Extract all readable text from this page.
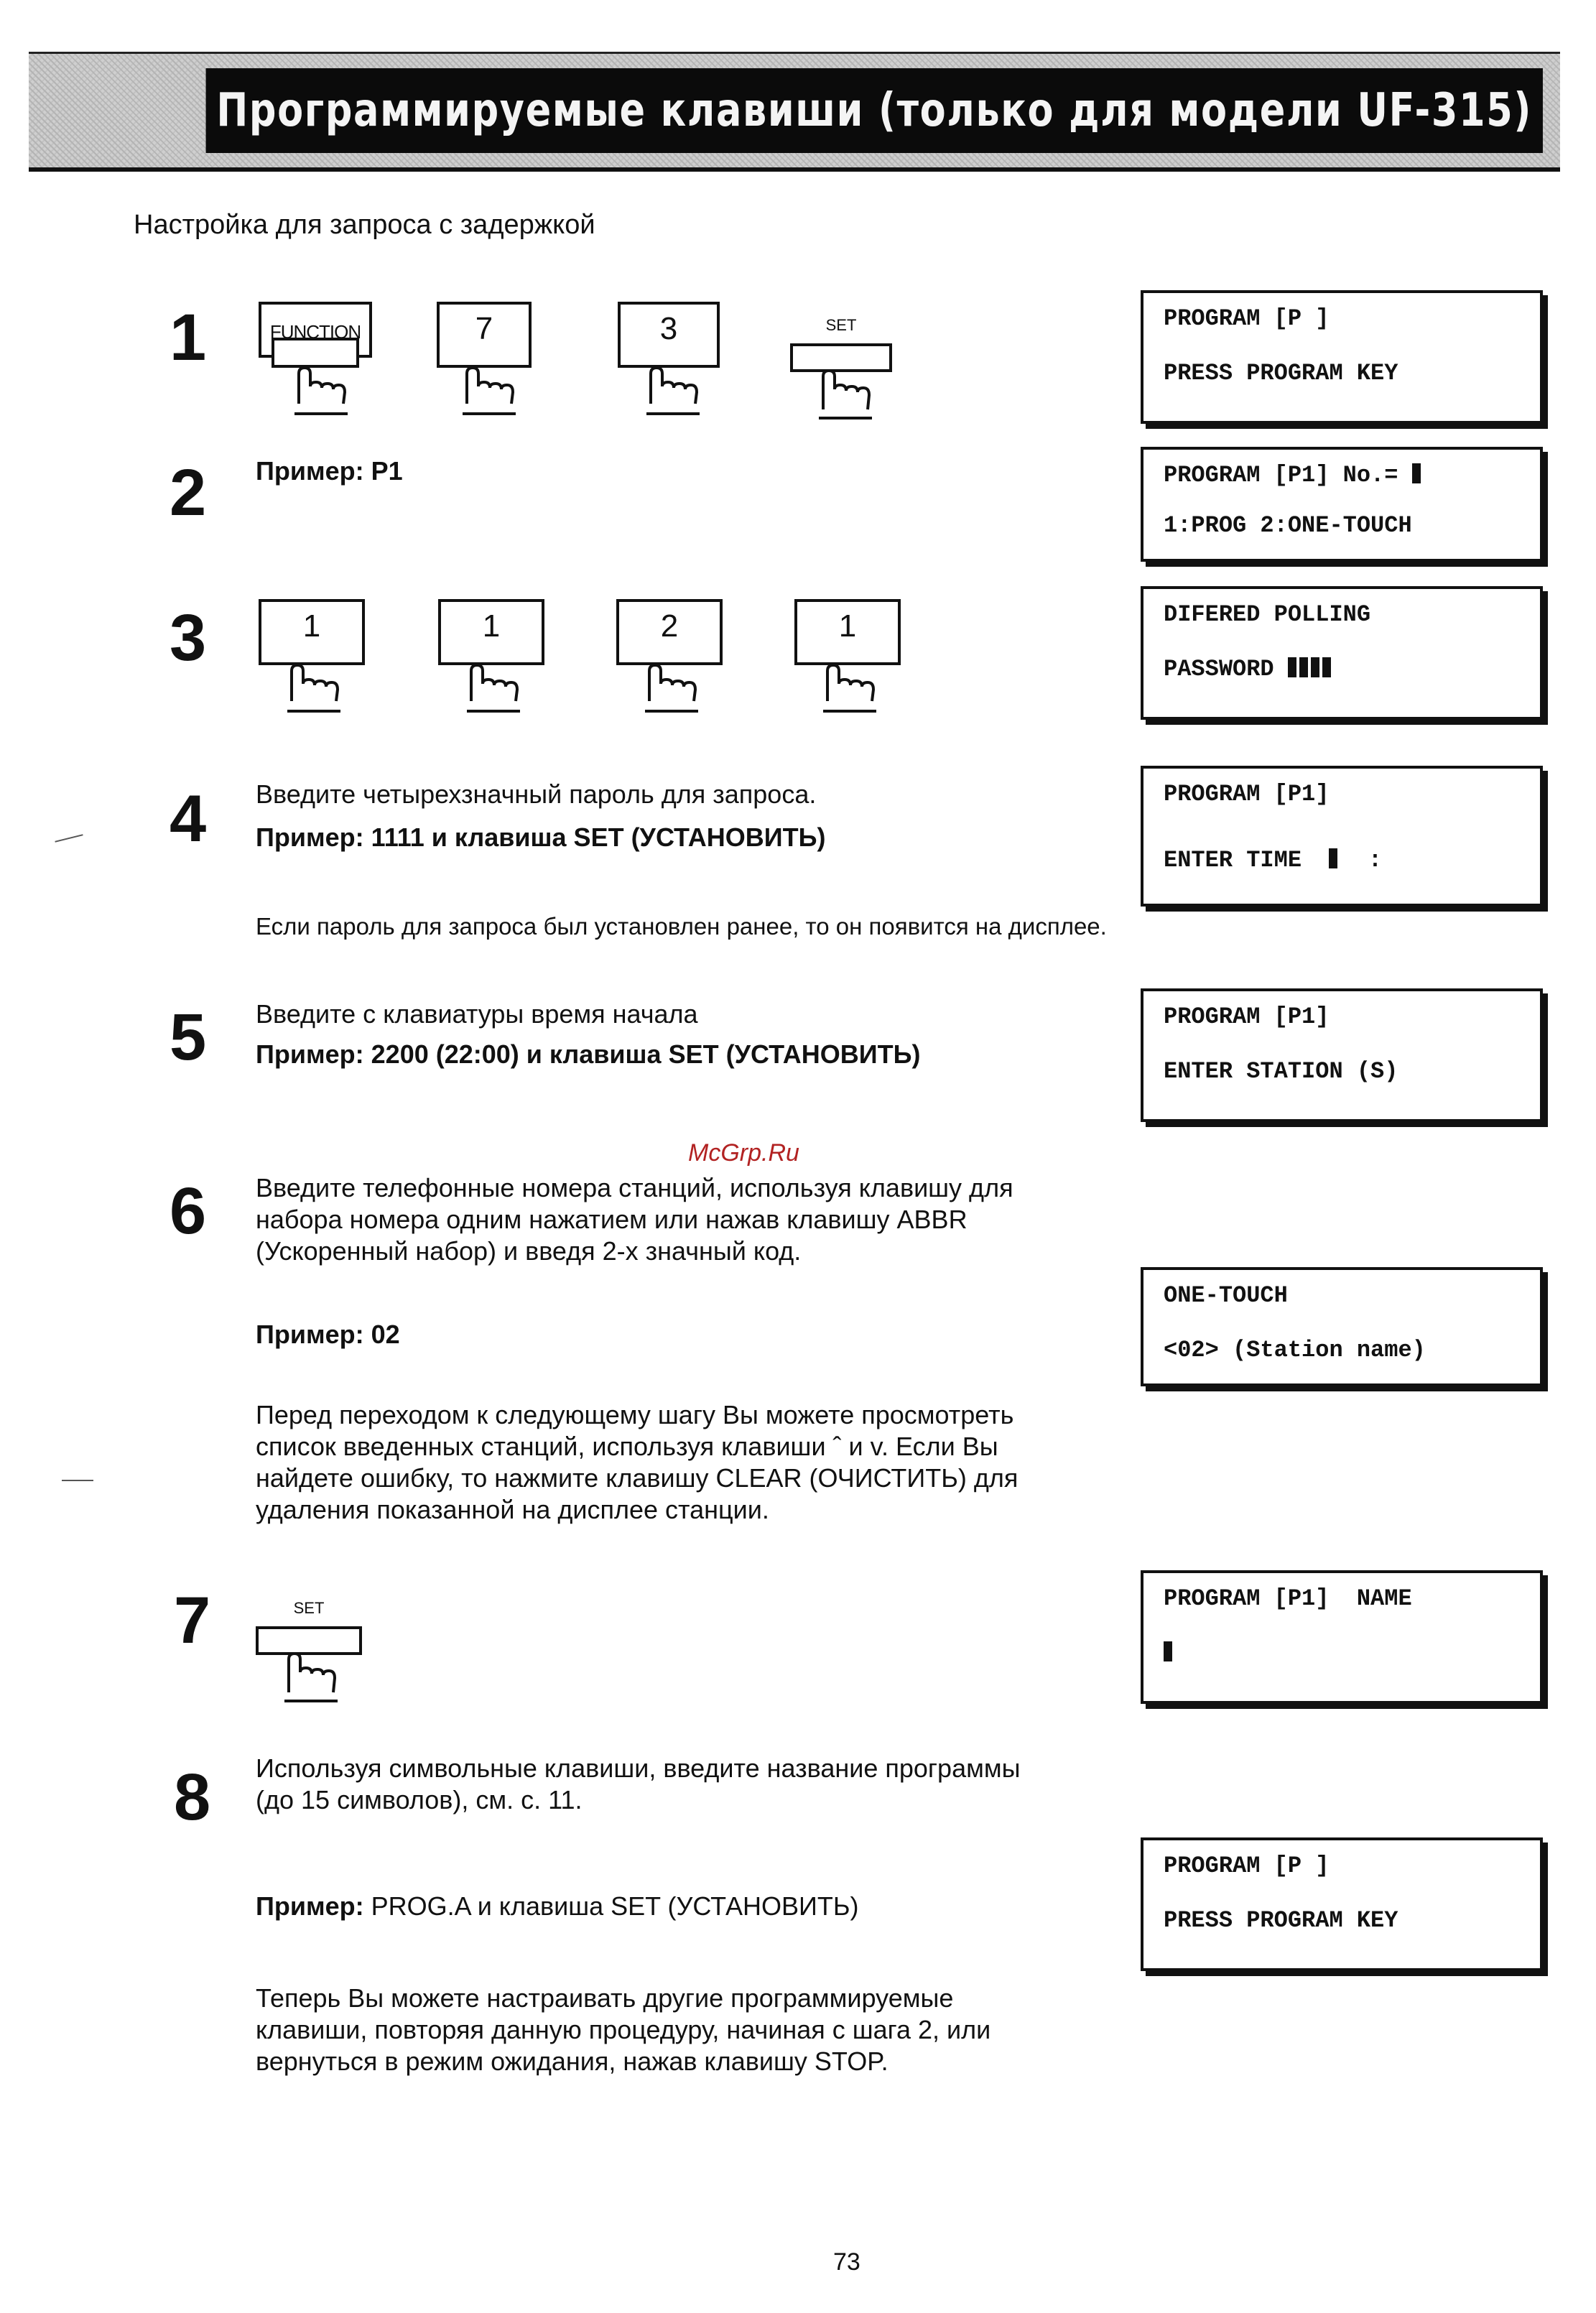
Программируемые клавиши (только для модели UF-315)
Настройка для запроса с задержкой
1	FUNCTION	7	3	SET	PROGRAM [P ]
PRESS PROGRAM KEY
2 Пример: P1	PROGRAM [P1] No.=
1:PROG 2:ONE-TOUCH
3	1	1	2	1	DIFERED POLLING
PASSWORD
4 Введите четырехзначный пароль для запроса.
Пример: 1111 и клавиша SET (УСТАНОВИТЬ)
Если пароль для запроса был установлен ранее, то он появится на дисплее.
PROGRAM [P1]
ENTER TIME	:
5 Введите с клавиатуры время начала
Пример: 2200 (22:00) и клавиша SET (УСТАНОВИТЬ)
PROGRAM [P1]
ENTER STATION (S)
McGrp.Ru
6 Введите телефонные номера станций, используя клавишу для
набора номера одним нажатием или нажав клавишу ABBR
(Ускоренный набор) и введя 2-х значный код.
Пример: 02
ONE-TOUCH
<02> (Station name)
Перед переходом к следующему шагу Вы можете просмотреть
список введенных станций, используя клавиши ˆ и v. Если Вы
найдете ошибку, то нажмите клавишу CLEAR (ОЧИСТИТЬ) для
удаления показанной на дисплее станции.
7	SET	PROGRAM [P1]  NAME
8 Используя символьные клавиши, введите название программы
(до 15 символов), см. с. 11.
Пример: PROG.A и клавиша SET (УСТАНОВИТЬ)
PROGRAM [P ]
PRESS PROGRAM KEY
Теперь Вы можете настраивать другие программируемые
клавиши, повторяя данную процедуру, начиная с шага 2, или
вернуться в режим ожидания, нажав клавишу STOP.
73
